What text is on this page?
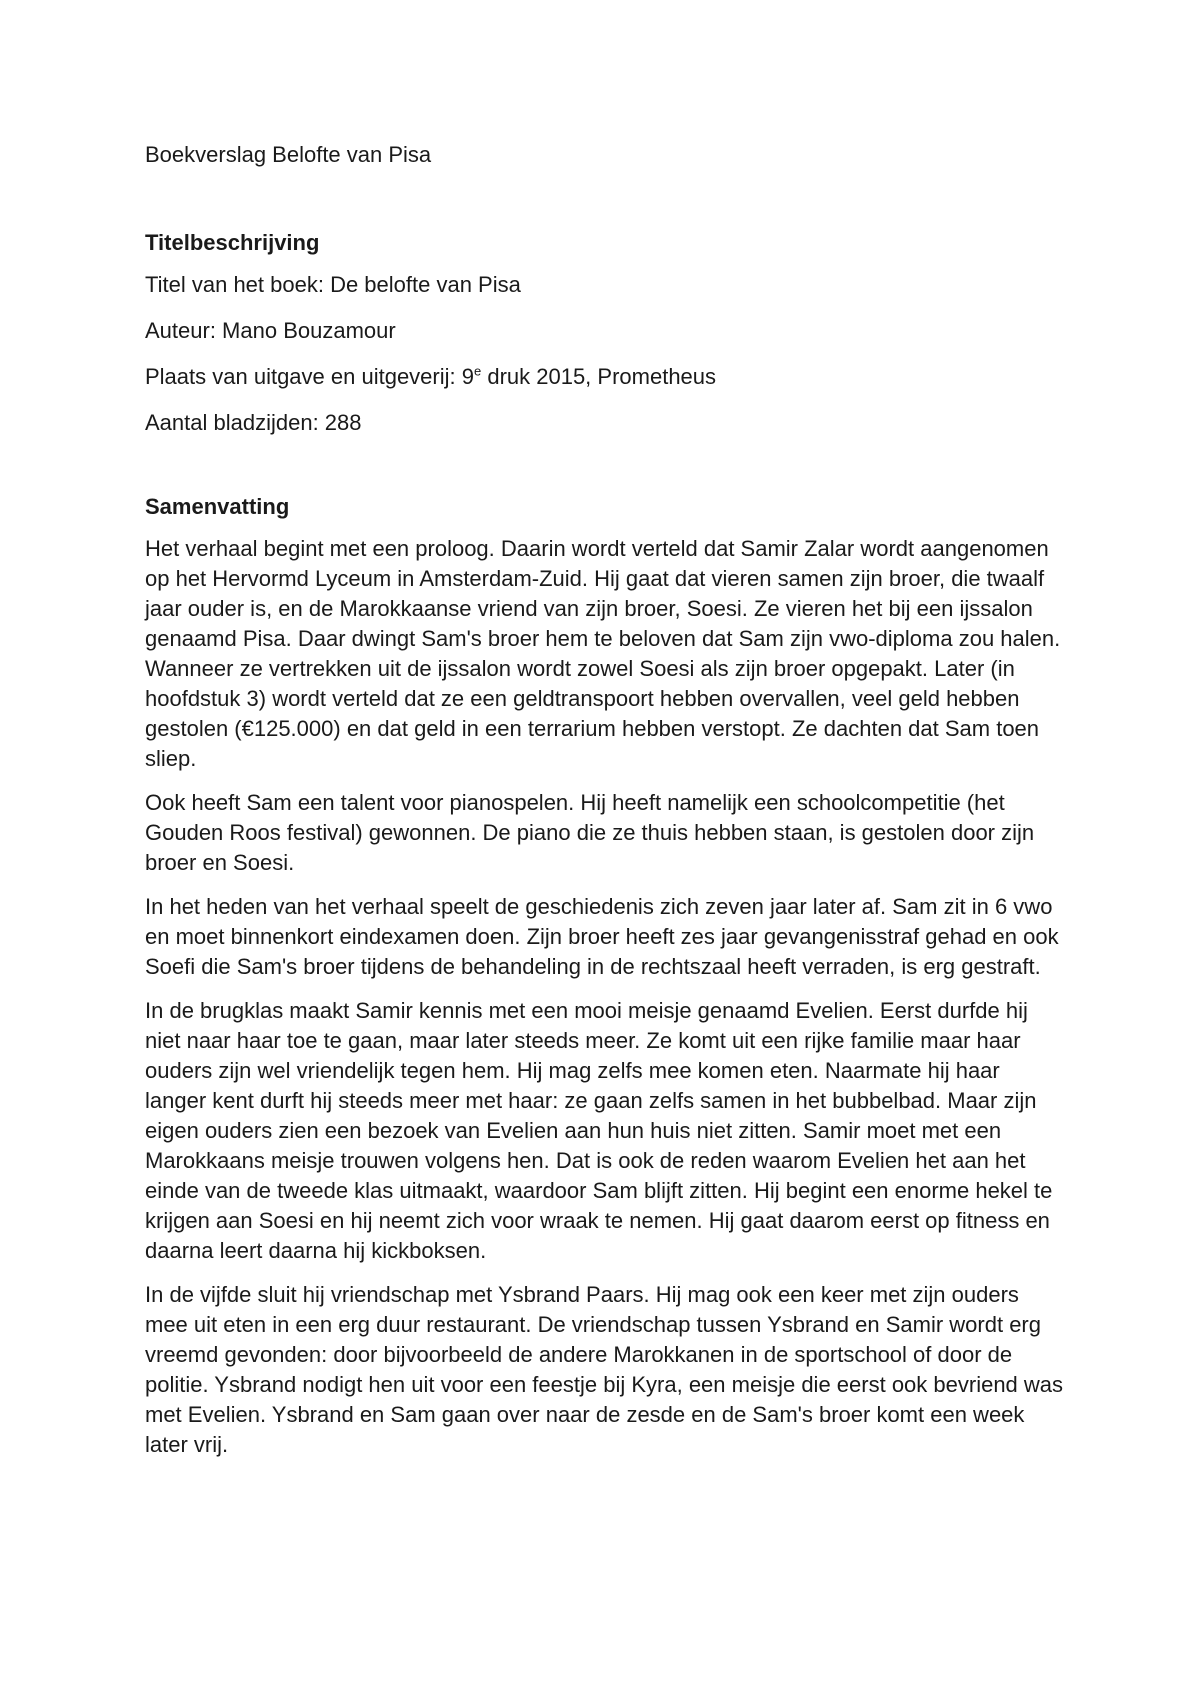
Boekverslag Belofte van Pisa
Titelbeschrijving
Titel van het boek: De belofte van Pisa
Auteur: Mano Bouzamour
Plaats van uitgave en uitgeverij: 9e druk 2015, Prometheus
Aantal bladzijden: 288
Samenvatting

Het verhaal begint met een proloog. Daarin wordt verteld dat Samir Zalar wordt aangenomen op het Hervormd Lyceum in Amsterdam-Zuid. Hij gaat dat vieren samen zijn broer, die twaalf jaar ouder is, en de Marokkaanse vriend van zijn broer, Soesi. Ze vieren het bij een ijssalon genaamd Pisa. Daar dwingt Sam's broer hem te beloven dat Sam zijn vwo-diploma zou halen. Wanneer ze vertrekken uit de ijssalon wordt zowel Soesi als zijn broer opgepakt. Later (in hoofdstuk 3) wordt verteld dat ze een geldtranspoort hebben overvallen, veel geld hebben gestolen (€125.000) en dat geld in een terrarium hebben verstopt. Ze dachten dat Sam toen sliep.

Ook heeft Sam een talent voor pianospelen. Hij heeft namelijk een schoolcompetitie (het Gouden Roos festival) gewonnen. De piano die ze thuis hebben staan, is gestolen door zijn broer en Soesi.

In het heden van het verhaal speelt de geschiedenis zich zeven jaar later af. Sam zit in 6 vwo en moet binnenkort eindexamen doen. Zijn broer heeft zes jaar gevangenisstraf gehad en ook Soefi die Sam's broer tijdens de behandeling in de rechtszaal heeft verraden, is erg gestraft.

In de brugklas maakt Samir kennis met een mooi meisje genaamd Evelien. Eerst durfde hij niet naar haar toe te gaan, maar later steeds meer. Ze komt uit een rijke familie maar haar ouders zijn wel vriendelijk tegen hem. Hij mag zelfs mee komen eten. Naarmate hij haar langer kent durft hij steeds meer met haar: ze gaan zelfs samen in het bubbelbad. Maar zijn eigen ouders zien een bezoek van Evelien aan hun huis niet zitten. Samir moet met een Marokkaans meisje trouwen volgens hen. Dat is ook de reden waarom Evelien het aan het einde van de tweede klas uitmaakt, waardoor Sam blijft zitten. Hij begint een enorme hekel te krijgen aan Soesi en hij neemt zich voor wraak te nemen. Hij gaat daarom eerst op fitness en daarna leert daarna hij kickboksen.

In de vijfde sluit hij vriendschap met Ysbrand Paars. Hij mag ook een keer met zijn ouders mee uit eten in een erg duur restaurant. De vriendschap tussen Ysbrand en Samir wordt erg vreemd gevonden: door bijvoorbeeld de andere Marokkanen in de sportschool of door de politie. Ysbrand nodigt hen uit voor een feestje bij Kyra, een meisje die eerst ook bevriend was met Evelien. Ysbrand en Sam gaan over naar de zesde en de Sam's broer komt een week later vrij.
